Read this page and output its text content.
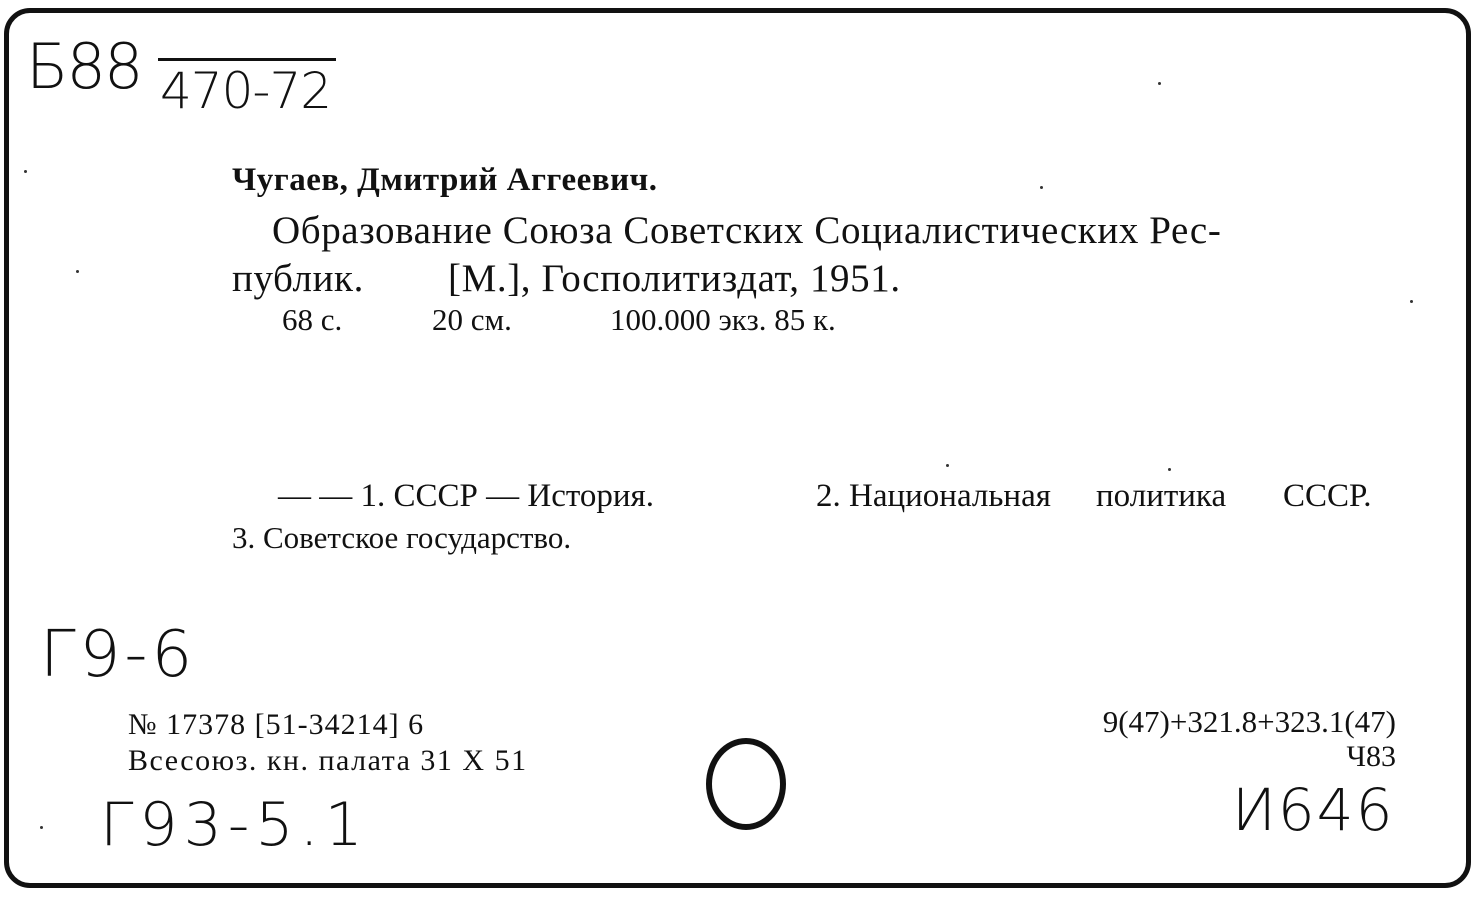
Б88 470-72
Чугаев, Дмитрий Аггеевич.
Образование Союза Советских Социалистических Рес-
публик. [М.], Госполитиздат, 1951.
68 с.	20 см.	100.000 экз. 85 к.
— — 1. СССР — История.	2. Национальная политика СССР.
3. Советское государство.
Г9-6
№ 17378 [51-34214] 6
Всесоюз. кн. палата 31 X 51
Г93-5.1
9(47)+321.8+323.1(47)
Ч83
И646
